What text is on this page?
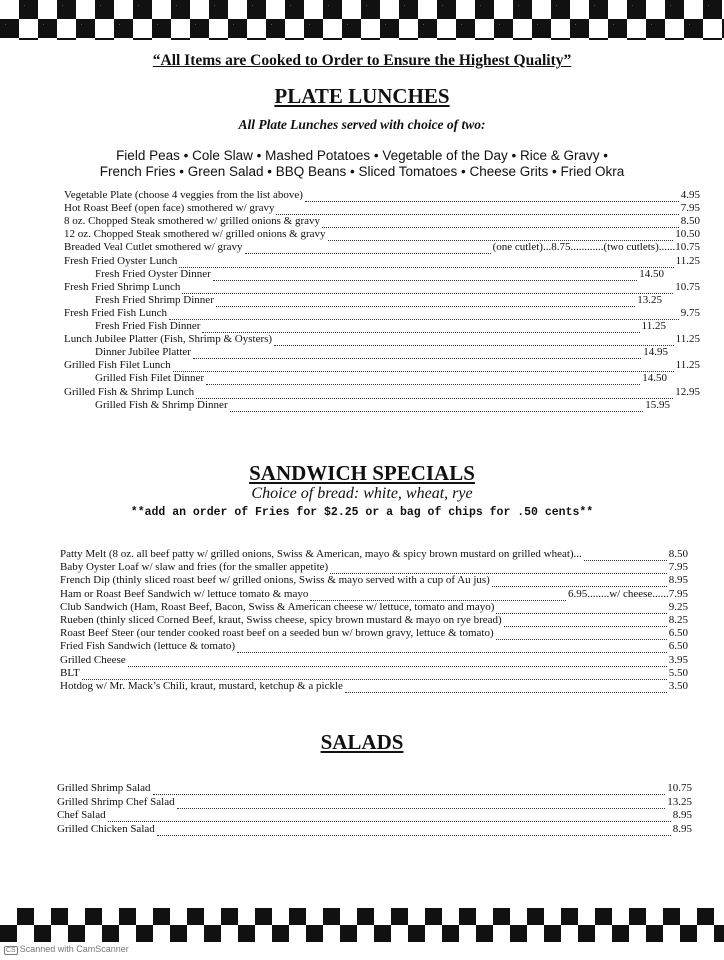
“All Items are Cooked to Order to Ensure the Highest Quality”
PLATE LUNCHES
All Plate Lunches served with choice of two:
Field Peas • Cole Slaw • Mashed Potatoes • Vegetable of the Day • Rice & Gravy •
French Fries • Green Salad • BBQ Beans • Sliced Tomatoes • Cheese Grits • Fried Okra
Vegetable Plate (choose 4 veggies from the list above)	4.95
Hot Roast Beef (open face) smothered w/ gravy	7.95
8 oz. Chopped Steak smothered w/ grilled onions & gravy	8.50
12 oz. Chopped Steak smothered w/ grilled onions & gravy	10.50
Breaded Veal Cutlet smothered w/ gravy	(one cutlet)...8.75............(two cutlets)...... 10.75
Fresh Fried Oyster Lunch	11.25
Fresh Fried Oyster Dinner	14.50
Fresh Fried Shrimp Lunch	10.75
Fresh Fried Shrimp Dinner	13.25
Fresh Fried Fish Lunch	9.75
Fresh Fried Fish Dinner	11.25
Lunch Jubilee Platter (Fish, Shrimp & Oysters)	11.25
Dinner Jubilee Platter	14.95
Grilled Fish Filet Lunch	11.25
Grilled Fish Filet Dinner	14.50
Grilled Fish & Shrimp Lunch	12.95
Grilled Fish & Shrimp Dinner	15.95
SANDWICH SPECIALS
Choice of bread: white, wheat, rye
**add an order of Fries for $2.25 or a bag of chips for .50 cents**
Patty Melt (8 oz. all beef patty w/ grilled onions, Swiss & American, mayo & spicy brown mustard on grilled wheat)...	8.50
Baby Oyster Loaf w/ slaw and fries (for the smaller appetite)	7.95
French Dip (thinly sliced roast beef w/ grilled onions, Swiss & mayo served with a cup of Au jus)	8.95
Ham or Roast Beef Sandwich w/ lettuce tomato & mayo	6.95........w/ cheese...... 7.95
Club Sandwich (Ham, Roast Beef, Bacon, Swiss & American cheese w/ lettuce, tomato and mayo)	9.25
Rueben (thinly sliced Corned Beef, kraut, Swiss cheese, spicy brown mustard & mayo on rye bread)	8.25
Roast Beef Steer (our tender cooked roast beef on a seeded bun w/ brown gravy, lettuce & tomato)	6.50
Fried Fish Sandwich (lettuce & tomato)	6.50
Grilled Cheese	3.95
BLT	5.50
Hotdog w/ Mr. Mack’s Chili, kraut, mustard, ketchup & a pickle	3.50
SALADS
Grilled Shrimp Salad	10.75
Grilled Shrimp Chef Salad	13.25
Chef Salad	8.95
Grilled Chicken Salad	8.95
CS Scanned with CamScanner
